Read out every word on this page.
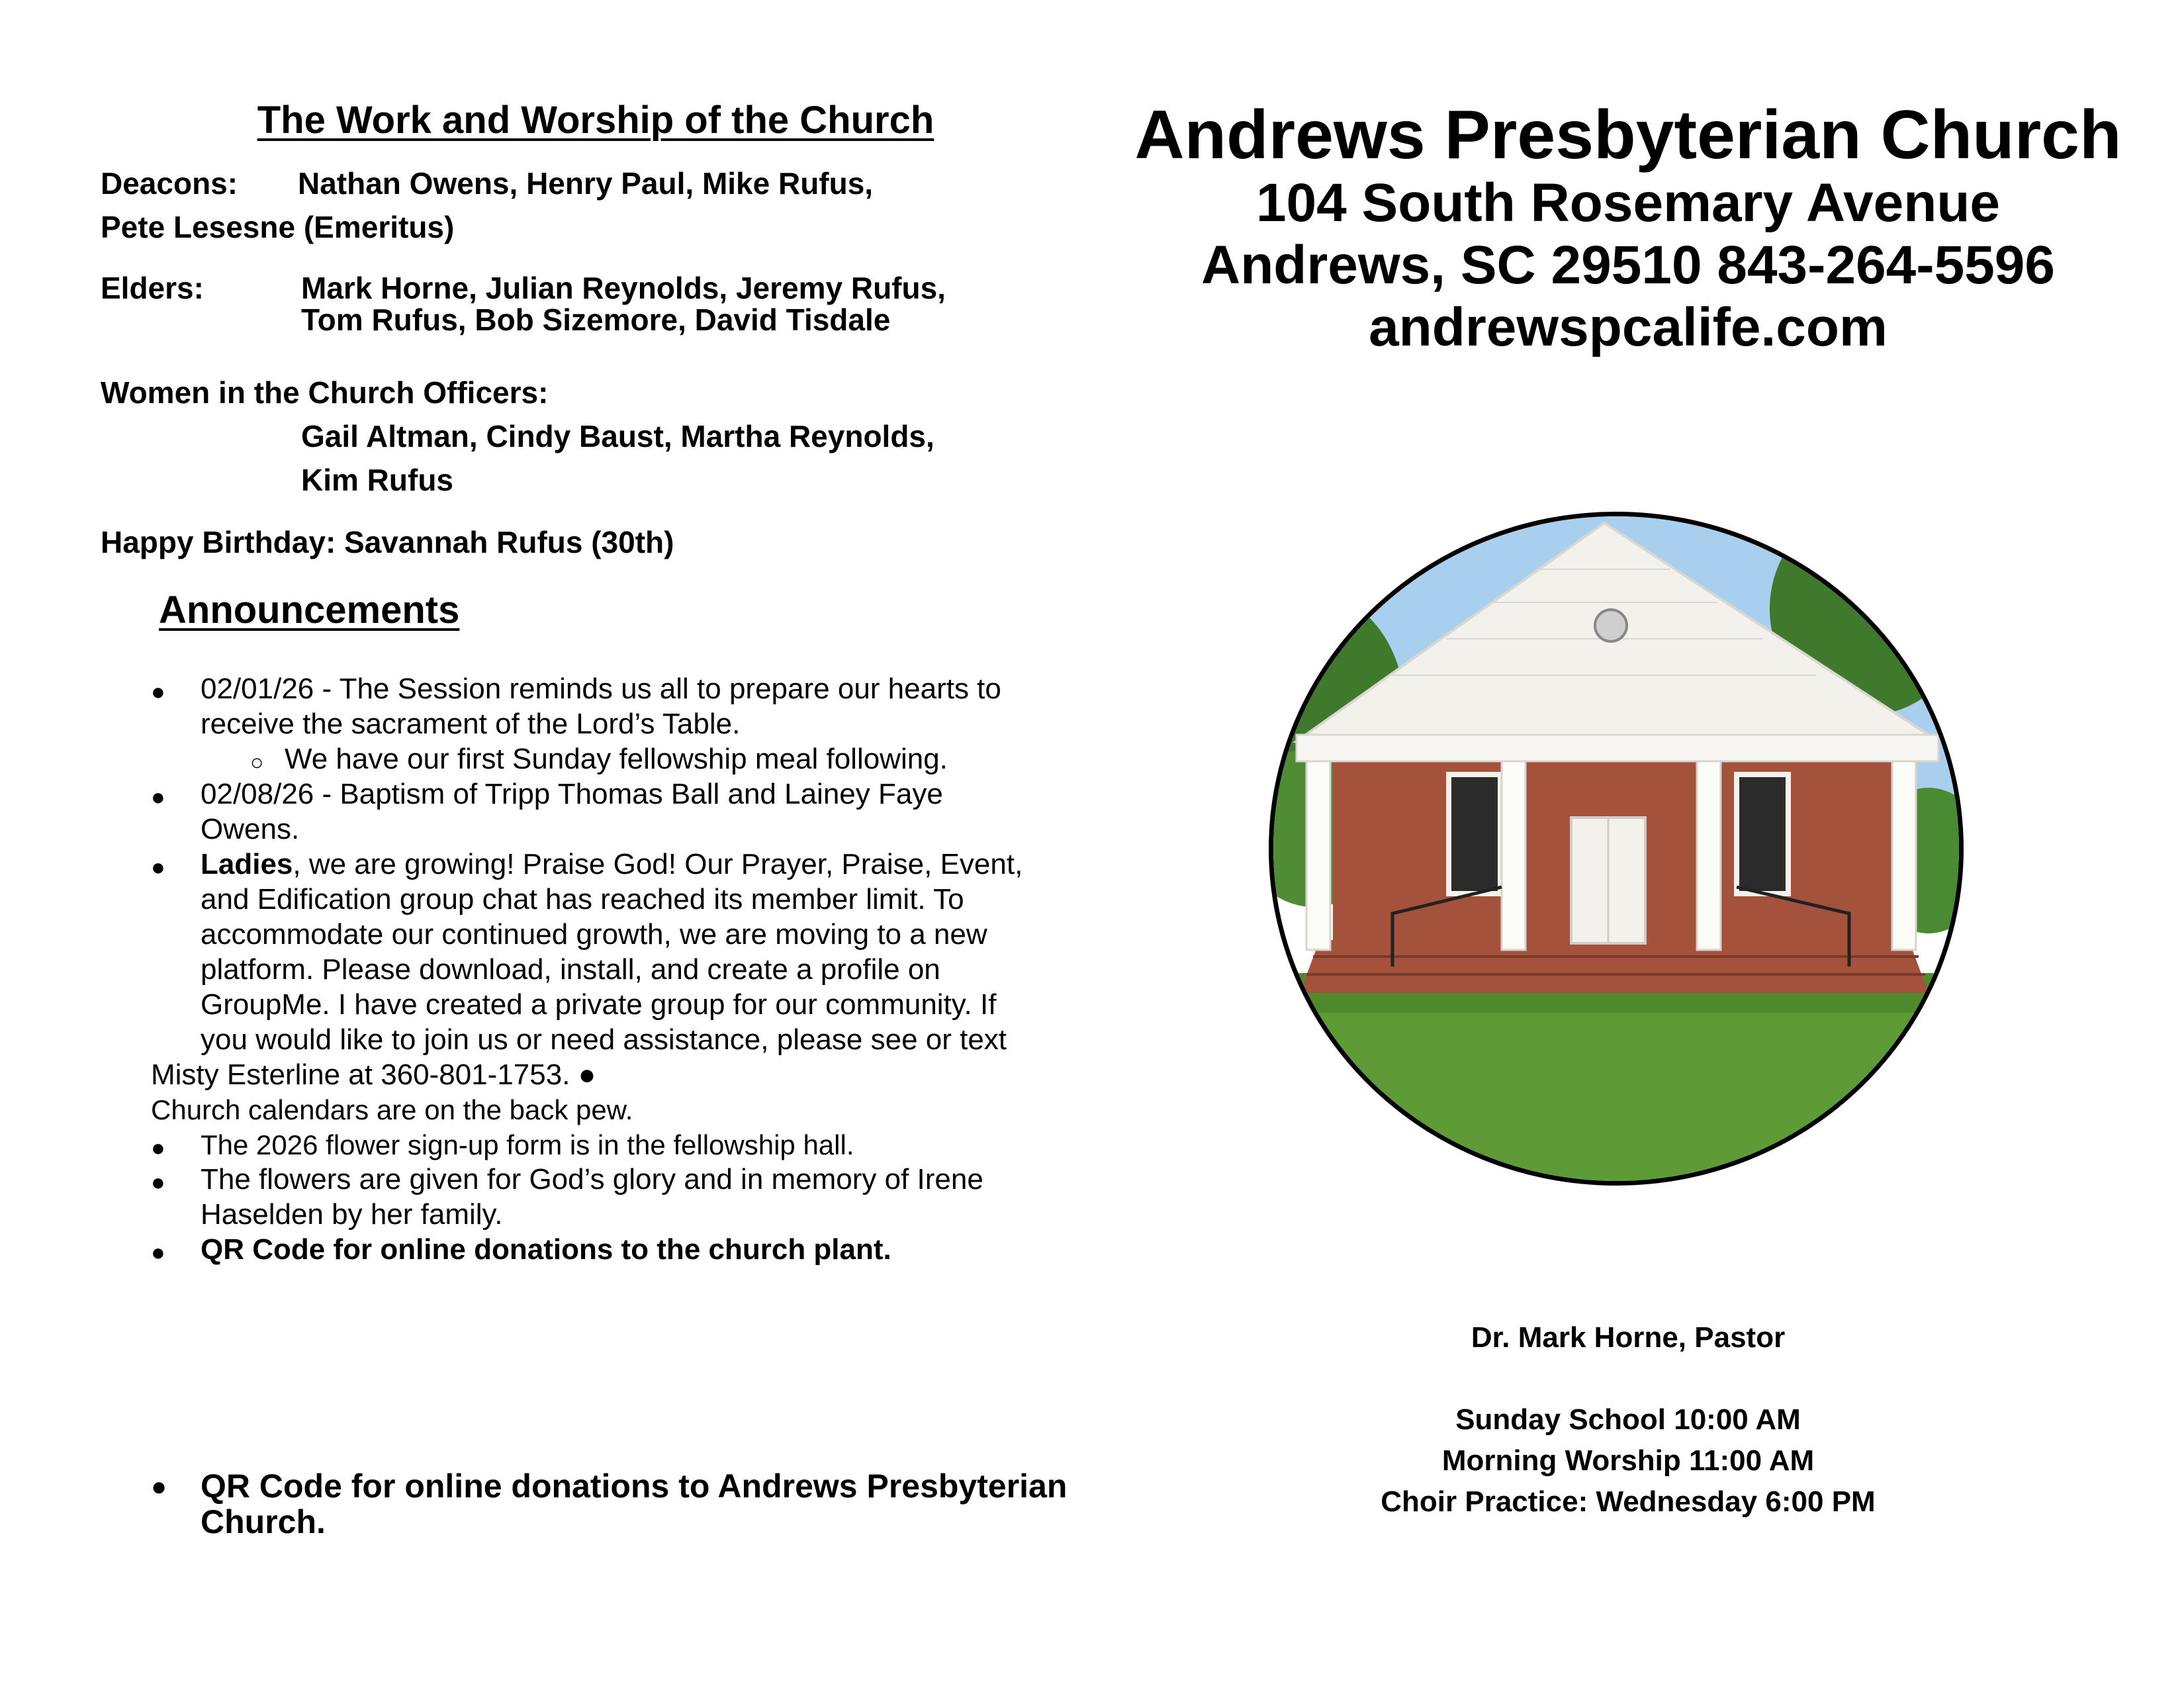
The Work and Worship of the Church
Deacons: Nathan Owens, Henry Paul, Mike Rufus,
Pete Lesesne (Emeritus)
Elders:	Mark Horne, Julian Reynolds, Jeremy Rufus,
Tom Rufus, Bob Sizemore, David Tisdale
Women in the Church Officers:
Gail Altman, Cindy Baust, Martha Reynolds,
Kim Rufus
Happy Birthday: Savannah Rufus (30th)
Announcements
● 02/01/26 - The Session reminds us all to prepare our hearts to
receive the sacrament of the Lord’s Table.
○ We have our first Sunday fellowship meal following.
● 02/08/26 - Baptism of Tripp Thomas Ball and Lainey Faye
Owens.
● Ladies, we are growing! Praise God! Our Prayer, Praise, Event,
and Edification group chat has reached its member limit. To
accommodate our continued growth, we are moving to a new
platform. Please download, install, and create a profile on
GroupMe. I have created a private group for our community. If
you would like to join us or need assistance, please see or text
Misty Esterline at 360-801-1753. ●
Church calendars are on the back pew.
● The 2026 flower sign-up form is in the fellowship hall.
● The flowers are given for God’s glory and in memory of Irene
Haselden by her family.
● QR Code for online donations to the church plant.
● QR Code for online donations to Andrews Presbyterian
Church.
Andrews Presbyterian Church
104 South Rosemary Avenue
Andrews, SC 29510 843-264-5596
andrewspcalife.com
Dr. Mark Horne, Pastor
Sunday School 10:00 AM
Morning Worship 11:00 AM
Choir Practice: Wednesday 6:00 PM
